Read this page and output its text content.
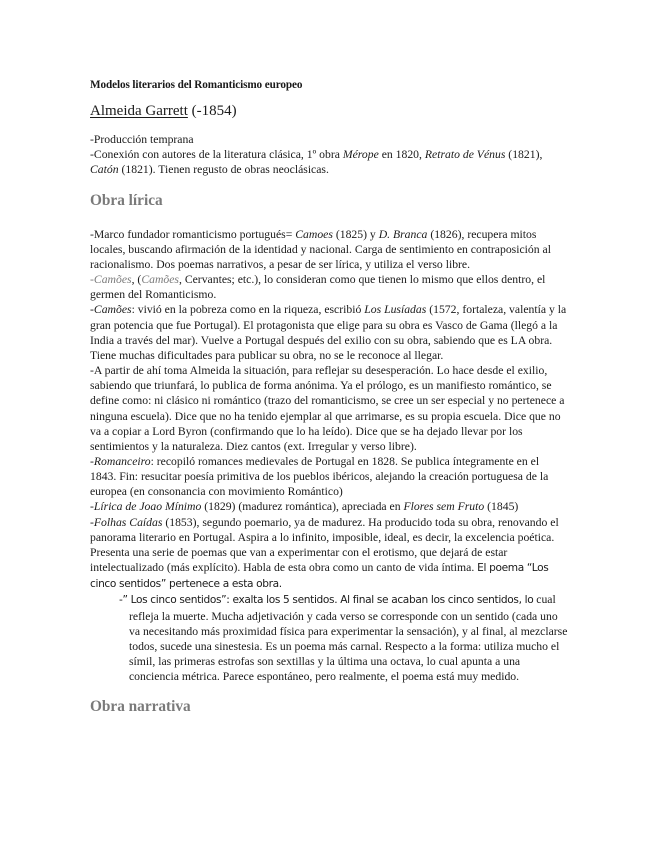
Modelos literarios del Romanticismo europeo
Almeida Garrett (-1854)
-Producción temprana
-Conexión con autores de la literatura clásica, 1º obra Mérope en 1820, Retrato de Vénus (1821), Catón (1821). Tienen regusto de obras neoclásicas.
Obra lírica
-Marco fundador romanticismo portugués= Camoes (1825) y D. Branca (1826), recupera mitos locales, buscando afirmación de la identidad y nacional. Carga de sentimiento en contraposición al racionalismo. Dos poemas narrativos, a pesar de ser lírica, y utiliza el verso libre.
-Camões, (Camões, Cervantes; etc.), lo consideran como que tienen lo mismo que ellos dentro, el germen del Romanticismo.
-Camões: vivió en la pobreza como en la riqueza, escribió Los Lusíadas (1572, fortaleza, valentía y la gran potencia que fue Portugal). El protagonista que elige para su obra es Vasco de Gama (llegó a la India a través del mar). Vuelve a Portugal después del exilio con su obra, sabiendo que es LA obra. Tiene muchas dificultades para publicar su obra, no se le reconoce al llegar.
-A partir de ahí toma Almeida la situación, para reflejar su desesperación. Lo hace desde el exilio, sabiendo que triunfará, lo publica de forma anónima. Ya el prólogo, es un manifiesto romántico, se define como: ni clásico ni romántico (trazo del romanticismo, se cree un ser especial y no pertenece a ninguna escuela). Dice que no ha tenido ejemplar al que arrimarse, es su propia escuela. Dice que no va a copiar a Lord Byron (confirmando que lo ha leído). Dice que se ha dejado llevar por los sentimientos y la naturaleza. Diez cantos (ext. Irregular y verso libre).
-Romanceiro: recopiló romances medievales de Portugal en 1828. Se publica íntegramente en el 1843. Fin: resucitar poesía primitiva de los pueblos ibéricos, alejando la creación portuguesa de la europea (en consonancia con movimiento Romántico)
-Lírica de Joao Mínimo (1829) (madurez romántica), apreciada en Flores sem Fruto (1845)
-Folhas Caídas (1853), segundo poemario, ya de madurez. Ha producido toda su obra, renovando el panorama literario en Portugal. Aspira a lo infinito, imposible, ideal, es decir, la excelencia poética. Presenta una serie de poemas que van a experimentar con el erotismo, que dejará de estar intelectualizado (más explícito). Habla de esta obra como un canto de vida íntima. El poema “Los cinco sentidos” pertenece a esta obra.
-” Los cinco sentidos”: exalta los 5 sentidos. Al final se acaban los cinco sentidos, lo cual refleja la muerte. Mucha adjetivación y cada verso se corresponde con un sentido (cada uno va necesitando más proximidad física para experimentar la sensación), y al final, al mezclarse todos, sucede una sinestesia. Es un poema más carnal. Respecto a la forma: utiliza mucho el símil, las primeras estrofas son sextillas y la última una octava, lo cual apunta a una conciencia métrica. Parece espontáneo, pero realmente, el poema está muy medido.
Obra narrativa
